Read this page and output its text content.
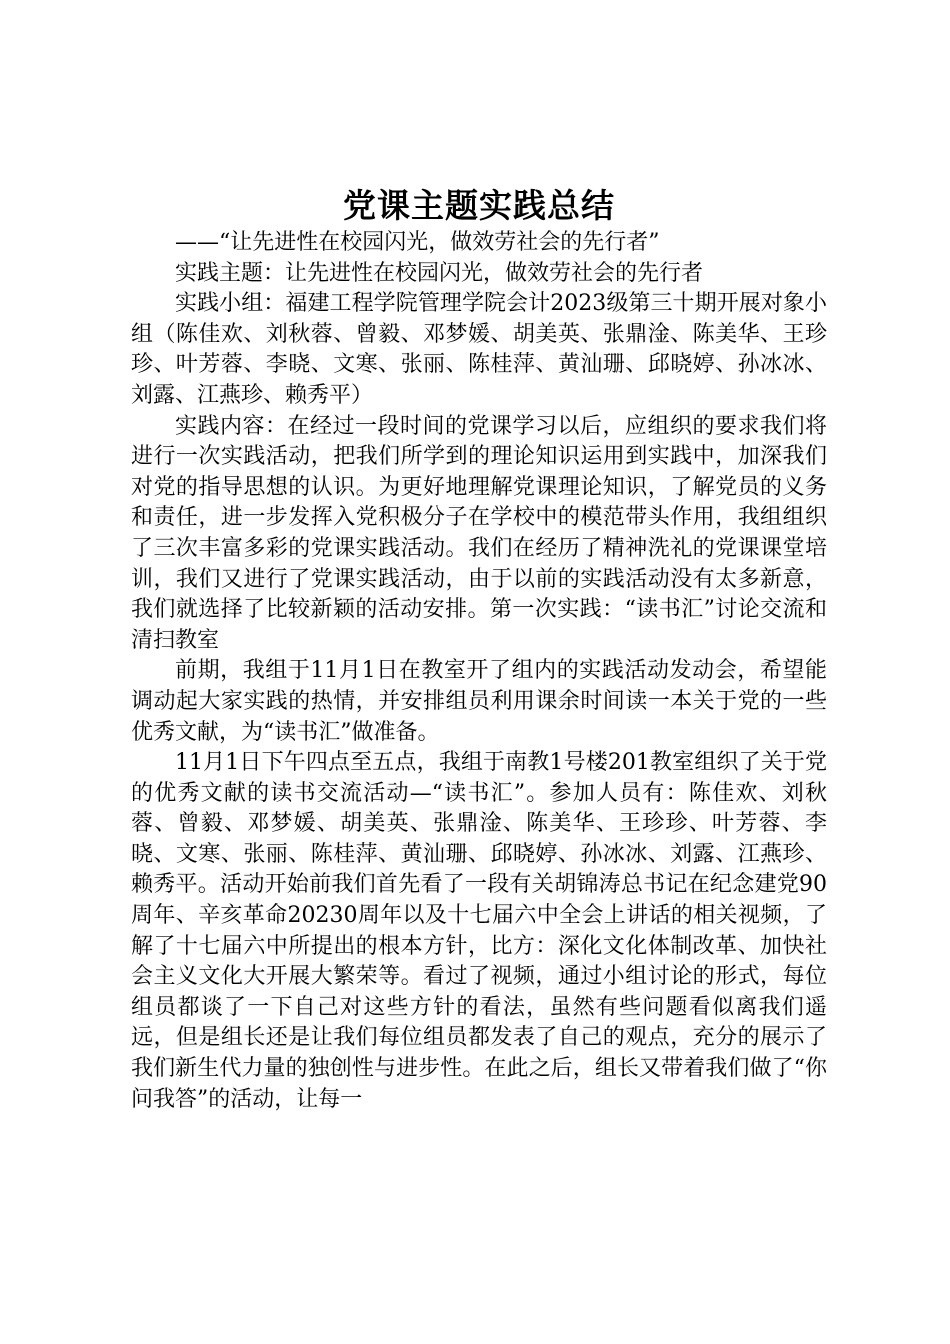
党课主题实践总结

——“让先进性在校园闪光，做效劳社会的先行者”

实践主题：让先进性在校园闪光，做效劳社会的先行者

实践小组：福建工程学院管理学院会计2023级第三十期开展对象小组（陈佳欢、刘秋蓉、曾毅、邓梦媛、胡美英、张鼎淦、陈美华、王珍珍、叶芳蓉、李晓、文寒、张丽、陈桂萍、黄汕珊、邱晓婷、孙冰冰、刘露、江燕珍、赖秀平）

实践内容：在经过一段时间的党课学习以后，应组织的要求我们将进行一次实践活动，把我们所学到的理论知识运用到实践中，加深我们对党的指导思想的认识。为更好地理解党课理论知识，了解党员的义务和责任，进一步发挥入党积极分子在学校中的模范带头作用，我组组织了三次丰富多彩的党课实践活动。我们在经历了精神洗礼的党课课堂培训，我们又进行了党课实践活动，由于以前的实践活动没有太多新意，我们就选择了比较新颖的活动安排。第一次实践：“读书汇”讨论交流和清扫教室

前期，我组于11月1日在教室开了组内的实践活动发动会，希望能调动起大家实践的热情，并安排组员利用课余时间读一本关于党的一些优秀文献，为“读书汇”做准备。

11月1日下午四点至五点，我组于南教1号楼201教室组织了关于党的优秀文献的读书交流活动—“读书汇”。参加人员有：陈佳欢、刘秋蓉、曾毅、邓梦媛、胡美英、张鼎淦、陈美华、王珍珍、叶芳蓉、李晓、文寒、张丽、陈桂萍、黄汕珊、邱晓婷、孙冰冰、刘露、江燕珍、赖秀平。活动开始前我们首先看了一段有关胡锦涛总书记在纪念建党90周年、辛亥革命20230周年以及十七届六中全会上讲话的相关视频，了解了十七届六中所提出的根本方针，比方：深化文化体制改革、加快社会主义文化大开展大繁荣等。看过了视频，通过小组讨论的形式，每位组员都谈了一下自己对这些方针的看法，虽然有些问题看似离我们遥远，但是组长还是让我们每位组员都发表了自己的观点，充分的展示了我们新生代力量的独创性与进步性。在此之后，组长又带着我们做了“你问我答”的活动，让每一
